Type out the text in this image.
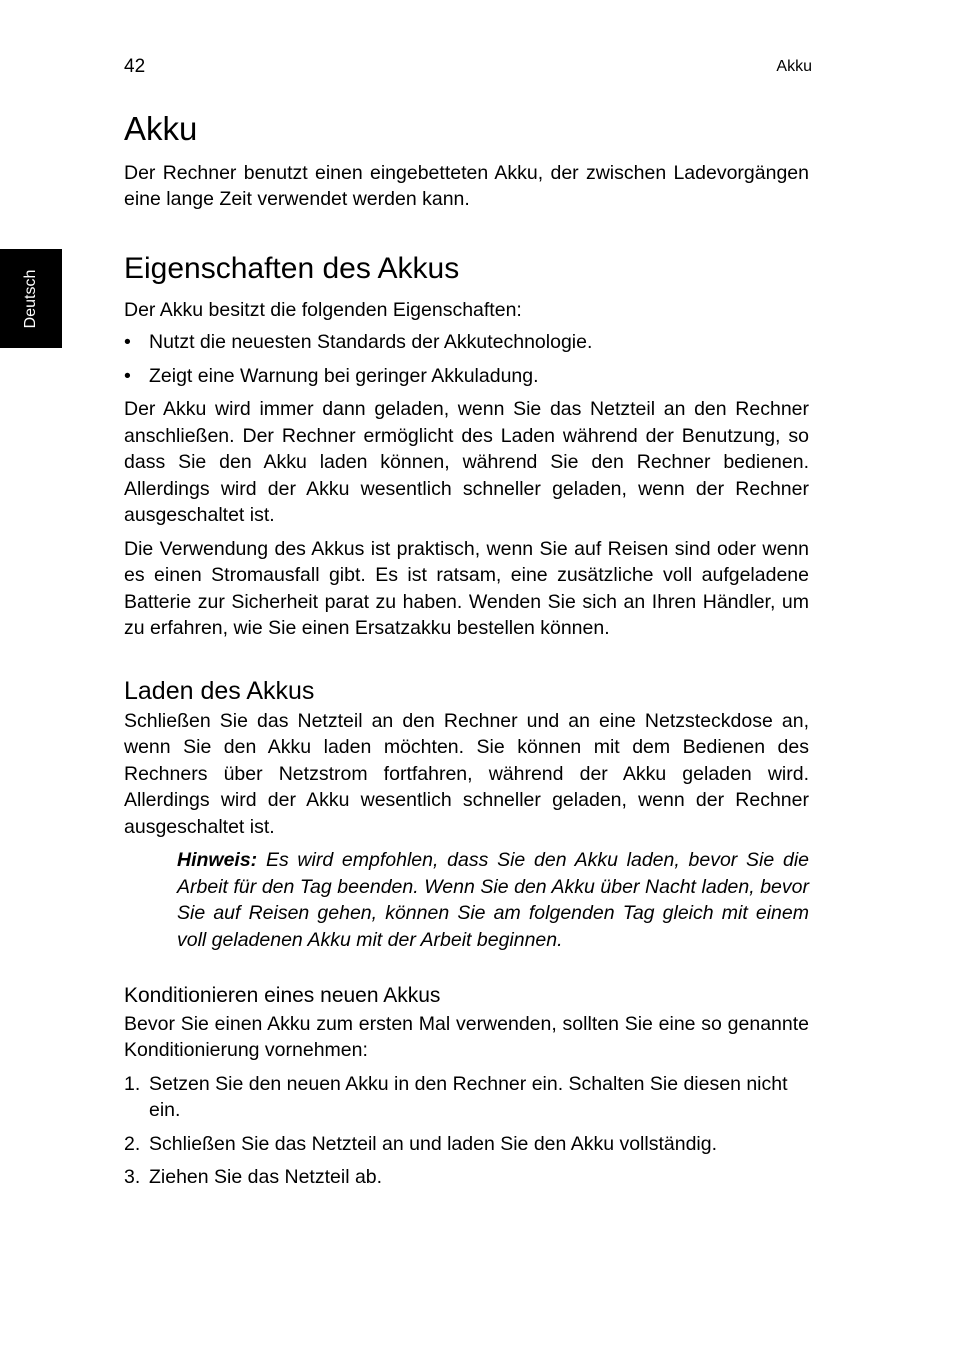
42	Akku
Deutsch
Akku

Der Rechner benutzt einen eingebetteten Akku, der zwischen Ladevorgängen eine lange Zeit verwendet werden kann.

Eigenschaften des Akkus

Der Akku besitzt die folgenden Eigenschaften:

• Nutzt die neuesten Standards der Akkutechnologie.
• Zeigt eine Warnung bei geringer Akkuladung.

Der Akku wird immer dann geladen, wenn Sie das Netzteil an den Rechner anschließen. Der Rechner ermöglicht des Laden während der Benutzung, so dass Sie den Akku laden können, während Sie den Rechner bedienen. Allerdings wird der Akku wesentlich schneller geladen, wenn der Rechner ausgeschaltet ist.

Die Verwendung des Akkus ist praktisch, wenn Sie auf Reisen sind oder wenn es einen Stromausfall gibt. Es ist ratsam, eine zusätzliche voll aufgeladene Batterie zur Sicherheit parat zu haben. Wenden Sie sich an Ihren Händler, um zu erfahren, wie Sie einen Ersatzakku bestellen können.

Laden des Akkus

Schließen Sie das Netzteil an den Rechner und an eine Netzsteckdose an, wenn Sie den Akku laden möchten. Sie können mit dem Bedienen des Rechners über Netzstrom fortfahren, während der Akku geladen wird. Allerdings wird der Akku wesentlich schneller geladen, wenn der Rechner ausgeschaltet ist.

Hinweis: Es wird empfohlen, dass Sie den Akku laden, bevor Sie die Arbeit für den Tag beenden. Wenn Sie den Akku über Nacht laden, bevor Sie auf Reisen gehen, können Sie am folgenden Tag gleich mit einem voll geladenen Akku mit der Arbeit beginnen.

Konditionieren eines neuen Akkus

Bevor Sie einen Akku zum ersten Mal verwenden, sollten Sie eine so genannte Konditionierung vornehmen:

1. Setzen Sie den neuen Akku in den Rechner ein. Schalten Sie diesen nicht ein.
2. Schließen Sie das Netzteil an und laden Sie den Akku vollständig.
3. Ziehen Sie das Netzteil ab.
